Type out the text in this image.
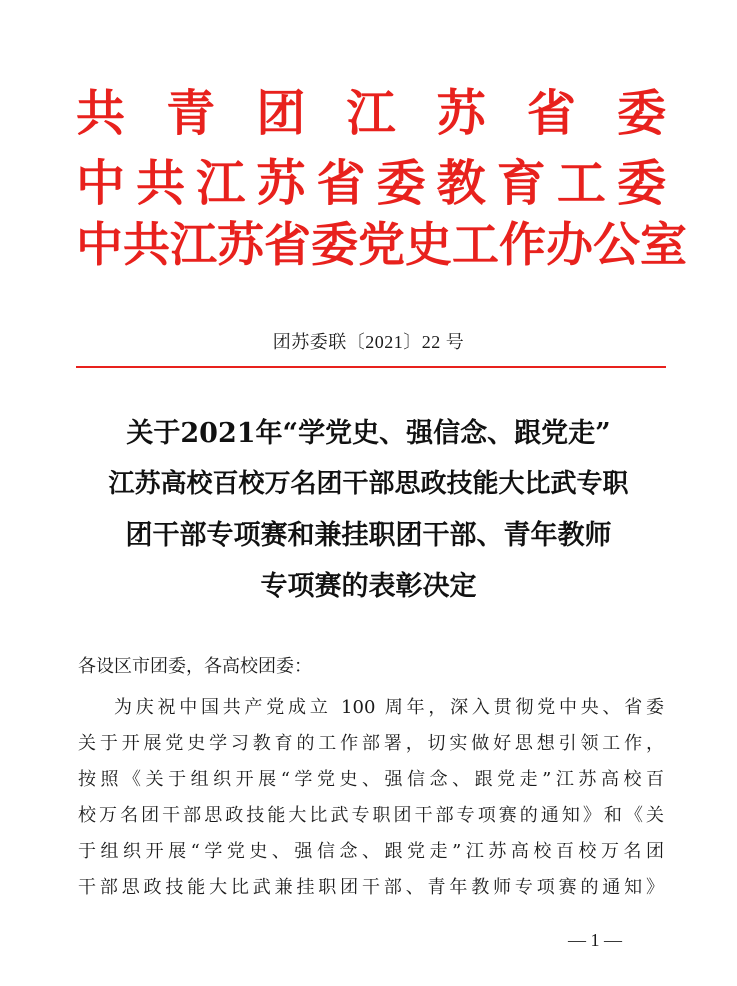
共青团江苏省委
中共江苏省委教育工委
中共江苏省委党史工作办公室
团苏委联〔2021〕22 号
关于2021年“学党史、强信念、跟党走”
江苏高校百校万名团干部思政技能大比武专职
团干部专项赛和兼挂职团干部、青年教师
专项赛的表彰决定
各设区市团委，各高校团委：
为庆祝中国共产党成立 100 周年，深入贯彻党中央、省委
关于开展党史学习教育的工作部署，切实做好思想引领工作，
按照《关于组织开展“学党史、强信念、跟党走”江苏高校百
校万名团干部思政技能大比武专职团干部专项赛的通知》和《关
于组织开展“学党史、强信念、跟党走”江苏高校百校万名团
干部思政技能大比武兼挂职团干部、青年教师专项赛的通知》
— 1 —
